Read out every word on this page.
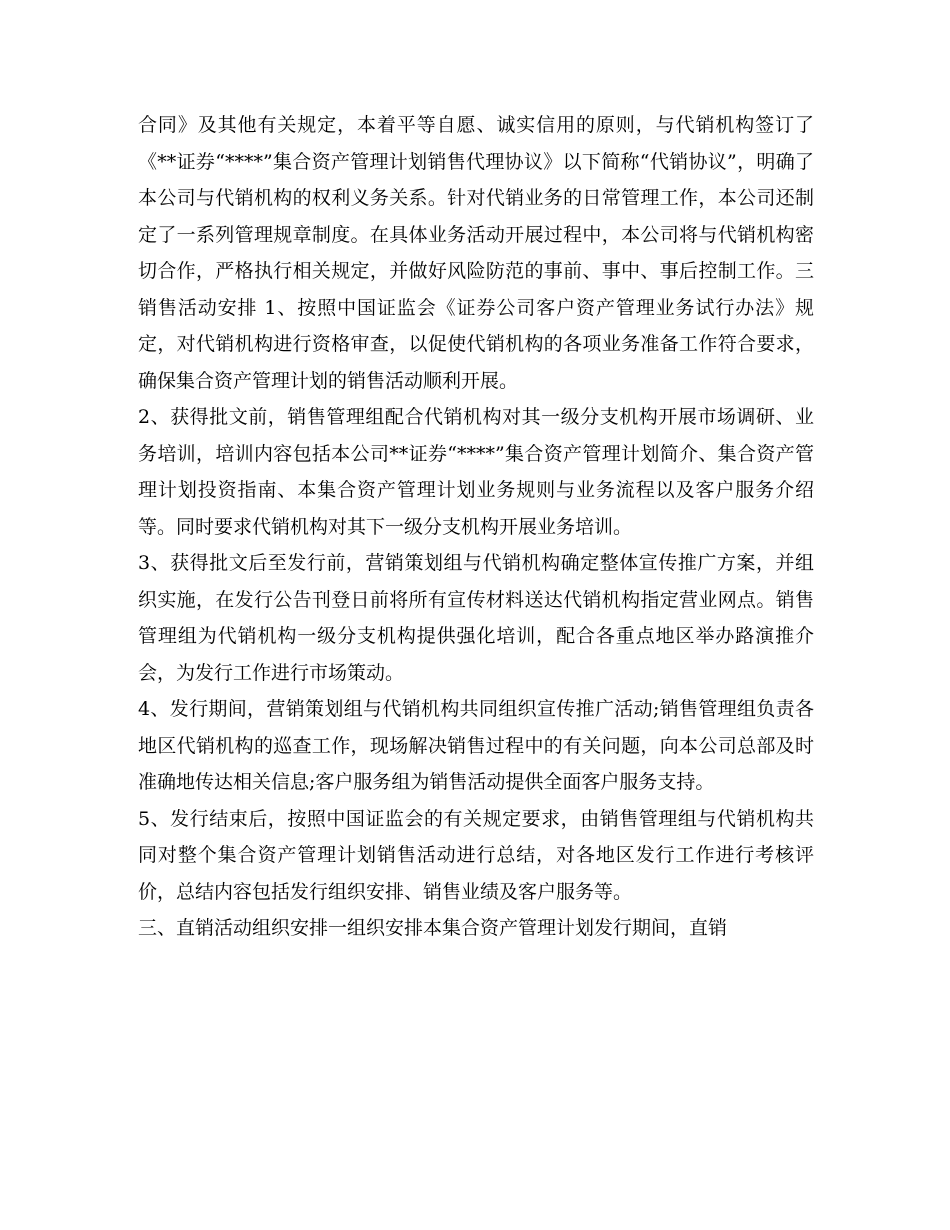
合同》及其他有关规定，本着平等自愿、诚实信用的原则，与代销机构签订了《**证券“****”集合资产管理计划销售代理协议》以下简称“代销协议”，明确了本公司与代销机构的权利义务关系。针对代销业务的日常管理工作，本公司还制定了一系列管理规章制度。在具体业务活动开展过程中，本公司将与代销机构密切合作，严格执行相关规定，并做好风险防范的事前、事中、事后控制工作。三销售活动安排 1、按照中国证监会《证券公司客户资产管理业务试行办法》规定，对代销机构进行资格审查，以促使代销机构的各项业务准备工作符合要求，确保集合资产管理计划的销售活动顺利开展。

2、获得批文前，销售管理组配合代销机构对其一级分支机构开展市场调研、业务培训，培训内容包括本公司**证券“****”集合资产管理计划简介、集合资产管理计划投资指南、本集合资产管理计划业务规则与业务流程以及客户服务介绍等。同时要求代销机构对其下一级分支机构开展业务培训。

3、获得批文后至发行前，营销策划组与代销机构确定整体宣传推广方案，并组织实施，在发行公告刊登日前将所有宣传材料送达代销机构指定营业网点。销售管理组为代销机构一级分支机构提供强化培训，配合各重点地区举办路演推介会，为发行工作进行市场策动。

4、发行期间，营销策划组与代销机构共同组织宣传推广活动;销售管理组负责各地区代销机构的巡查工作，现场解决销售过程中的有关问题，向本公司总部及时准确地传达相关信息;客户服务组为销售活动提供全面客户服务支持。

5、发行结束后，按照中国证监会的有关规定要求，由销售管理组与代销机构共同对整个集合资产管理计划销售活动进行总结，对各地区发行工作进行考核评价，总结内容包括发行组织安排、销售业绩及客户服务等。

三、直销活动组织安排一组织安排本集合资产管理计划发行期间，直销
